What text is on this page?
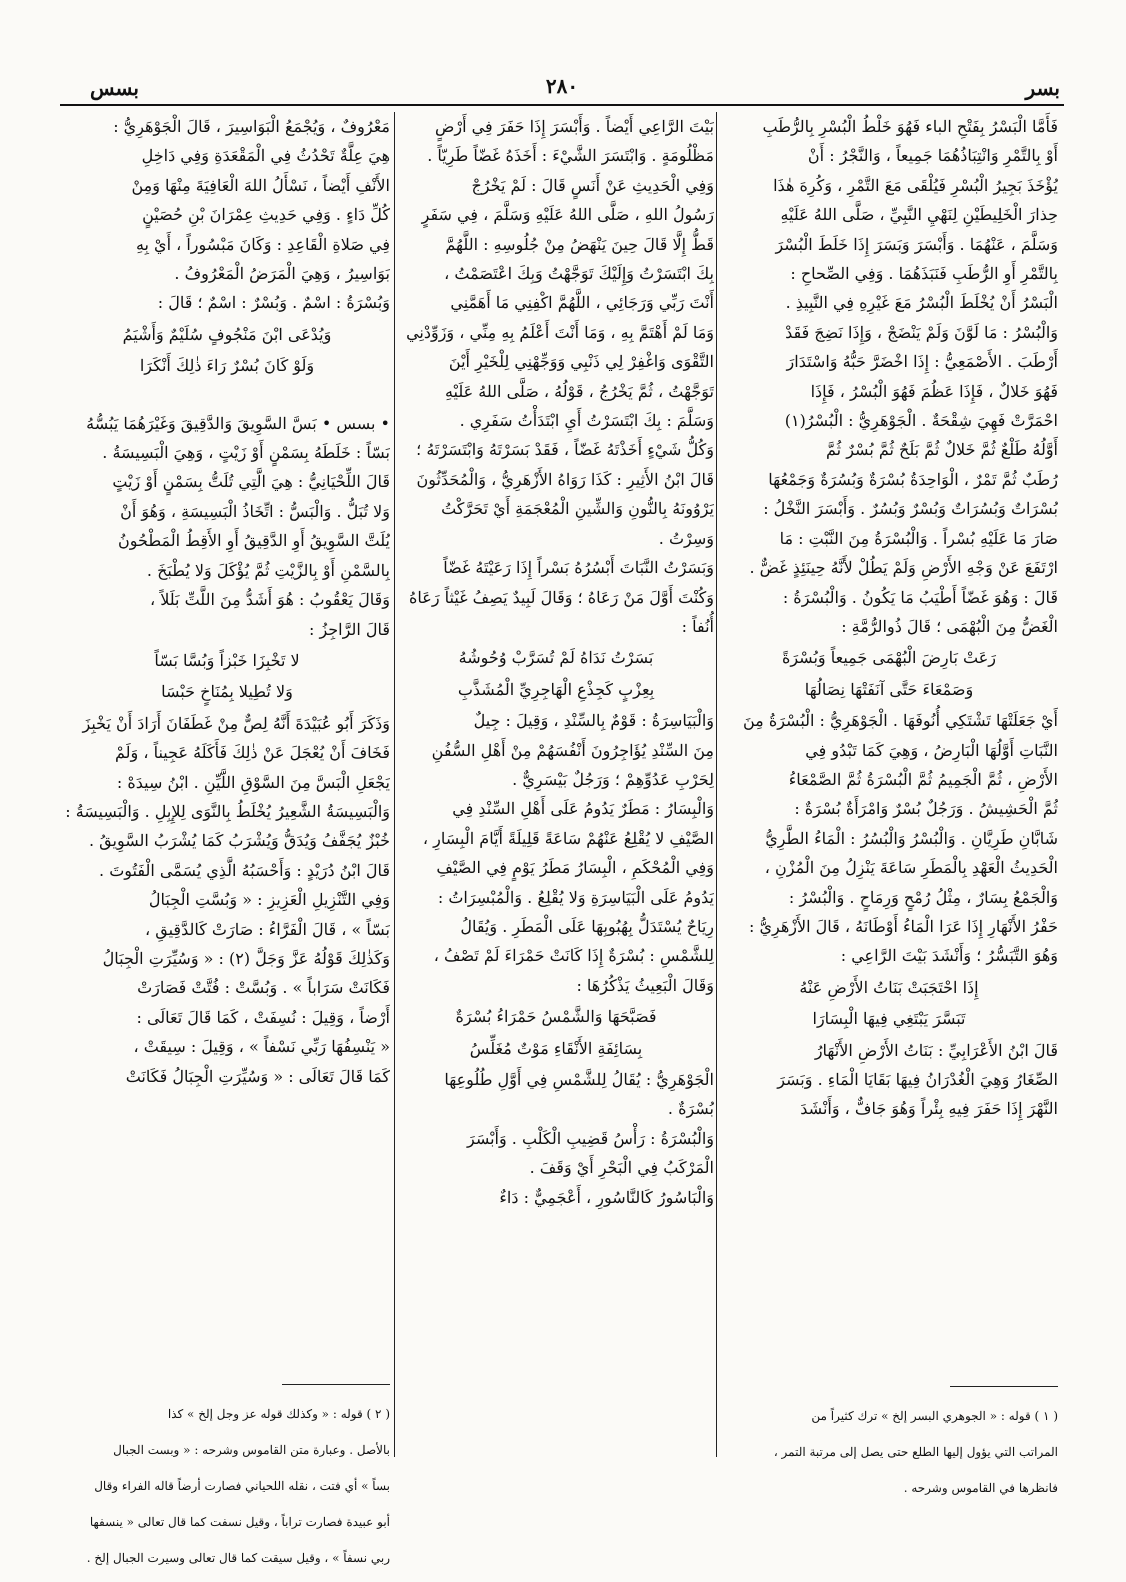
بسر
٢٨٠
بسس

فَأَمَّا الْبَسْرُ بِفَتْحِ الباء فَهُوَ خَلْطُ الْبُسْرِ بِالرُّطَبِ

أَوْ بِالتَّمْرِ وَانْتِبَاذُهُمَا جَمِيعاً ، وَالنَّجْرُ : أَنْ

يُؤْخَذَ بَجِيرُ الْبُسْرِ فَيُلْقَى مَعَ التَّمْرِ ، وَكُرِهَ هٰذَا

حِذارَ الْخَلِيطَيْنِ لِنَهْيِ النَّبِيِّ ، صَلَّى اللهُ عَلَيْهِ

وَسَلَّمَ ، عَنْهُمَا . وَأَبْسَرَ وَبَسَرَ إِذَا خَلَطَ الْبُسْرَ

بِالتَّمْرِ أَوِ الرُّطَبِ فَنَبَذَهُمَا . وَفِي الصِّحاحِ :

الْبَسْرُ أَنْ يُخْلَطَ الْبُسْرُ مَعَ غَيْرِهِ فِي النَّبِيذِ .

وَالْبُسْرُ : مَا لَوَّنَ وَلَمْ يَنْضَجْ ، وَإِذَا نَضِجَ فَقَدْ

أَرْطَبَ . الأَصْمَعِيُّ : إِذَا اخْضَرَّ حَبُّهُ وَاسْتَدَارَ

فَهُوَ خَلالٌ ، فَإِذَا عَظُمَ فَهُوَ الْبُسْرُ ، فَإِذَا

احْمَرَّتْ فَهِيَ شِقْحَةٌ . الْجَوْهَرِيُّ : الْبُسْرُ(١)

أَوَّلُهُ طَلْعٌ ثُمَّ خَلالٌ ثُمَّ بَلَحٌ ثُمَّ بُسْرٌ ثُمَّ

رُطَبٌ ثُمَّ تَمْرٌ ، الْوَاحِدَةُ بُسْرَةٌ وَبُسُرَةٌ وَجَمْعُهَا

بُسْرَاتٌ وَبُسُرَاتٌ وَبُسْرٌ وَبُسُرٌ . وَأَبْسَرَ النَّخْلُ :

صَارَ مَا عَلَيْهِ بُسْراً . وَالْبُسْرَةُ مِنَ النَّبْتِ : مَا

ارْتَفَعَ عَنْ وَجْهِ الأَرْضِ وَلَمْ يَطُلْ لأَنَّهُ حِينَئِذٍ غَضٌّ .

قَالَ : وَهُوَ غَضّاً أَطْيَبُ مَا يَكُونُ . وَالْبُسْرَةُ :

الْغَضُّ مِنَ الْبُهْمَى ؛ قَالَ ذُوالرُّمَّةِ :

رَعَتْ بَارِضَ الْبُهْمَى جَمِيعاً وَبُسْرَةً

وَصَمْعَاءَ حَتَّى آنَفَتْهَا نِصَالُهَا

أَيْ جَعَلَتْهَا تَشْتَكِي أُنُوفَهَا . الْجَوْهَرِيُّ : الْبُسْرَةُ مِنَ

النَّبَاتِ أَوَّلُهَا الْبَارِضُ ، وَهِيَ كَمَا تَبْدُو فِي

الأَرْضِ ، ثُمَّ الْجَمِيمُ ثُمَّ الْبُسْرَةُ ثُمَّ الصَّمْعَاءُ

ثُمَّ الْحَشِيشُ . وَرَجُلٌ بُسْرٌ وَامْرَأَةٌ بُسْرَةٌ :

شَابَّانِ طَرِيَّانِ . وَالْبُسْرُ وَالْبُسُرُ : الْمَاءُ الطَّرِيُّ

الْحَدِيثُ الْعَهْدِ بِالْمَطَرِ سَاعَةَ يَنْزِلُ مِنَ الْمُزْنِ ،

وَالْجَمْعُ بِسَارٌ ، مِثْلُ رُمْحٍ وَرِمَاحٍ . وَالْبُسْرُ :

حَفْرُ الأَنْهَارِ إِذَا عَرَا الْمَاءُ أَوْطَانَهُ ، قَالَ الأَزْهَرِيُّ :

وَهُوَ التَّبَسُّرُ ؛ وَأَنْشَدَ بَيْتَ الرَّاعِي :

إِذَا احْتَجَبَتْ بَنَاتُ الأَرْضِ عَنْهُ

تَبَسَّرَ يَبْتَغِي فِيهَا الْبِسَارَا

قَالَ ابْنُ الأَعْرَابِيِّ : بَنَاتُ الأَرْضِ الأَنْهَارُ

الصِّغَارُ وَهِيَ الْغُدْرَانُ فِيهَا بَقَايَا الْمَاءِ . وَبَسَرَ

النَّهْرَ إِذَا حَفَرَ فِيهِ بِئْراً وَهُوَ جَافٌّ ، وَأَنْشَدَ

بَيْتَ الرَّاعِي أَيْضاً . وَأَبْسَرَ إِذَا حَفَرَ فِي أَرْضٍ

مَظْلُومَةٍ . وَابْتَسَرَ الشَّيْءَ : أَخَذَهُ غَضّاً طَرِيّاً .

وَفِي الْحَدِيثِ عَنْ أَنَسٍ قَالَ : لَمْ يَخْرُجْ

رَسُولُ اللهِ ، صَلَّى اللهُ عَلَيْهِ وَسَلَّمَ ، فِي سَفَرٍ

قَطُّ إِلَّا قَالَ حِينَ يَنْهَضُ مِنْ جُلُوسِهِ : اللَّهُمَّ

بِكَ ابْتَسَرْتُ وَإِلَيْكَ تَوَجَّهْتُ وَبِكَ اعْتَصَمْتُ ،

أَنْتَ رَبِّي وَرَجَائِي ، اللَّهُمَّ اكْفِنِي مَا أَهَمَّنِي

وَمَا لَمْ أَهْتَمَّ بِهِ ، وَمَا أَنْتَ أَعْلَمُ بِهِ مِنِّي ، وَزَوِّدْنِي

التَّقْوَى وَاغْفِرْ لِي ذَنْبِي وَوَجِّهْنِي لِلْخَيْرِ أَيْنَ

تَوَجَّهْتُ ، ثُمَّ يَخْرُجُ ، قَوْلُهُ ، صَلَّى اللهُ عَلَيْهِ

وَسَلَّمَ : بِكَ ابْتَسَرْتُ أَيِ ابْتَدَأْتُ سَفَرِي .

وَكُلُّ شَيْءٍ أَخَذْتَهُ غَضّاً ، فَقَدْ بَسَرْتَهُ وَابْتَسَرْتَهُ ؛

قَالَ ابْنُ الأَثِيرِ : كَذَا رَوَاهُ الأَزْهَرِيُّ ، وَالْمُحَدِّثُونَ

يَرْوُونَهُ بِالنُّونِ وَالشِّينِ الْمُعْجَمَةِ أَيْ تَحَرَّكْتُ

وَسِرْتُ .

وَبَسَرْتُ النَّبَاتَ أَبْسُرُهُ بَسْراً إِذَا رَعَيْتَهُ غَضّاً

وَكُنْتَ أَوَّلَ مَنْ رَعَاهُ ؛ وَقَالَ لَبِيدٌ يَصِفُ غَيْثاً رَعَاهُ

أُنُفاً :

بَسَرْتُ نَدَاهُ لَمْ تُسَرَّبْ وُحُوشُهُ

بِعِزْبٍ كَجِذْعِ الْهَاجِرِيِّ الْمُشَذَّبِ

وَالْبَيَاسِرَةُ : قَوْمٌ بِالسِّنْدِ ، وَقِيلَ : جِيلٌ

مِنَ السِّنْدِ يُؤَاجِرُونَ أَنْفُسَهُمْ مِنْ أَهْلِ السُّفُنِ

لِحَرْبِ عَدُوِّهِمْ ؛ وَرَجُلٌ بَيْسَرِيٌّ .

وَالْبِسَارُ : مَطَرٌ يَدُومُ عَلَى أَهْلِ السِّنْدِ فِي

الصَّيْفِ لا يُقْلِعُ عَنْهُمْ سَاعَةً قَلِيلَةً أَيَّامَ الْبِسَارِ ،

وَفِي الْمُحْكَمِ ، الْبِسَارُ مَطَرُ يَوْمٍ فِي الصَّيْفِ

يَدُومُ عَلَى الْبَيَاسِرَةِ وَلا يُقْلِعُ . وَالْمُبْسِرَاتُ :

رِيَاحٌ يُسْتَدَلُّ بِهُبُوبِهَا عَلَى الْمَطَرِ . وَيُقَالُ

لِلشَّمْسِ : بُسْرَةٌ إِذَا كَانَتْ حَمْرَاءَ لَمْ تَصْفُ ،

وَقَالَ الْبَعِيثُ يَذْكُرُهَا :

فَصَبَّحَهَا وَالشَّمْسُ حَمْرَاءُ بُسْرَةٌ

بِسَائِفَةِ الأَنْقَاءِ مَوْتٌ مُغَلِّسُ

الْجَوْهَرِيُّ : يُقَالُ لِلشَّمْسِ فِي أَوَّلِ طُلُوعِهَا

بُسْرَةٌ .

وَالْبُسْرَةُ : رَأْسُ قَضِيبِ الْكَلْبِ . وَأَبْسَرَ

الْمَرْكَبُ فِي الْبَحْرِ أَيْ وَقَفَ .

وَالْبَاسُورُ كَالنَّاسُورِ ، أَعْجَمِيٌّ : دَاءٌ

مَعْرُوفٌ ، وَيُجْمَعُ الْبَوَاسِيرَ ، قَالَ الْجَوْهَرِيُّ :

هِيَ عِلَّةٌ تَحْدُثُ فِي الْمَقْعَدَةِ وَفِي دَاخِلِ

الأَنْفِ أَيْضاً ، نَسْأَلُ اللهَ الْعَافِيَةَ مِنْهَا وَمِنْ

كُلِّ دَاءٍ . وَفِي حَدِيثِ عِمْرَانَ بْنِ حُصَيْنٍ

فِي صَلاةِ الْقَاعِدِ : وَكَانَ مَبْسُوراً ، أَيْ بِهِ

بَوَاسِيرُ ، وَهِيَ الْمَرَضُ الْمَعْرُوفُ .

وَبُسْرَةُ : اسْمٌ . وَبُسْرٌ : اسْمٌ ؛ قَالَ :

وَيُدْعَى ابْنَ مَنْجُوفٍ سُلَيْمٌ وَأَشْيَمُ

وَلَوْ كَانَ بُسْرٌ رَاءَ ذٰلِكَ أَنْكَرَا

• بسس • بَسَّ السَّوِيقَ وَالدَّقِيقَ وَغَيْرَهُمَا يَبُسُّهُ

بَسّاً : خَلَطَهُ بِسَمْنٍ أَوْ زَيْتٍ ، وَهِيَ الْبَسِيسَةُ .

قَالَ اللِّحْيَانِيُّ : هِيَ الَّتِي تُلَتُّ بِسَمْنٍ أَوْ زَيْتٍ

وَلا تُبَلُّ . وَالْبَسُّ : اتِّخَاذُ الْبَسِيسَةِ ، وَهُوَ أَنْ

يُلَتَّ السَّوِيقُ أَوِ الدَّقِيقُ أَوِ الأَقِطُ الْمَطْحُونُ

بِالسَّمْنِ أَوْ بِالزَّيْتِ ثُمَّ يُؤْكَلَ وَلا يُطْبَخَ .

وَقَالَ يَعْقُوبُ : هُوَ أَشَدُّ مِنَ اللَّتِّ بَلَلاً ،

قَالَ الرَّاجِزُ :

لا تَخْبِزَا خَبْزاً وَبُسَّا بَسّاً

وَلا تُطِيلا بِمُنَاخٍ حَبْسَا

وَذَكَرَ أَبُو عُبَيْدَةَ أَنَّهُ لِصٌّ مِنْ غَطَفَانَ أَرَادَ أَنْ يَخْبِزَ

فَخَافَ أَنْ يُعْجَلَ عَنْ ذٰلِكَ فَأَكَلَهُ عَجِيناً ، وَلَمْ

يَجْعَلِ الْبَسَّ مِنَ السَّوْقِ اللَّيِّنِ . ابْنُ سِيدَهْ :

وَالْبَسِيسَةُ الشَّعِيرُ يُخْلَطُ بِالنَّوَى لِلإِبِلِ . وَالْبَسِيسَةُ :

خُبْزٌ يُجَفَّفُ وَيُدَقُّ وَيُشْرَبُ كَمَا يُشْرَبُ السَّوِيقُ .

قَالَ ابْنُ دُرَيْدٍ : وَأَحْسَبُهُ الَّذِي يُسَمَّى الْفَتُوتَ .

وَفِي التَّنْزِيلِ الْعَزِيزِ : « وَبُسَّتِ الْجِبَالُ

بَسّاً » ، قَالَ الْفَرَّاءُ : صَارَتْ كَالدَّقِيقِ ،

وَكَذٰلِكَ قَوْلُهُ عَزَّ وَجَلَّ (٢) : « وَسُيِّرَتِ الْجِبَالُ

فَكَانَتْ سَرَاباً » . وَبُسَّتْ : فُتَّتْ فَصَارَتْ

أَرْضاً ، وَقِيلَ : نُسِفَتْ ، كَمَا قَالَ تَعَالَى :

« يَنْسِفُهَا رَبِّي نَسْفاً » ، وَقِيلَ : سِيقَتْ ،

كَمَا قَالَ تَعَالَى : « وَسُيِّرَتِ الْجِبَالُ فَكَانَتْ

( ١ ) قوله : « الجوهري البسر إلخ » ترك كثيراً من

المراتب التي يؤول إليها الطلع حتى يصل إلى مرتبة التمر ،

فانظرها في القاموس وشرحه .

( ٢ ) قوله : « وكذلك قوله عز وجل إلخ » كذا

بالأصل . وعبارة متن القاموس وشرحه : « وبست الجبال

بساً » أي فتت ، نقله اللحياني فصارت أرضاً قاله الفراء وقال

أبو عبيدة فصارت تراباً ، وقيل نسفت كما قال تعالى « ينسفها

ربي نسفاً » ، وقيل سيقت كما قال تعالى وسيرت الجبال إلخ .
